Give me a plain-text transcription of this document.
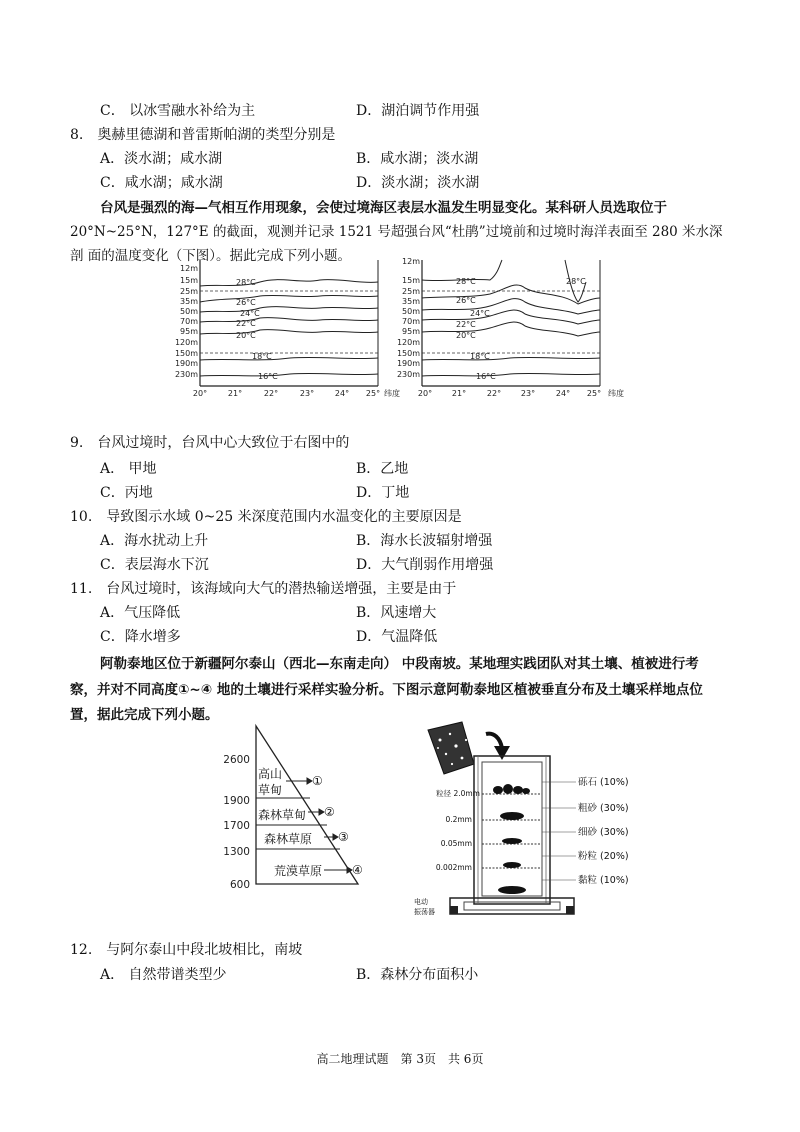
C． 以冰雪融水补给为主	D．湖泊调节作用强
8.　奥赫里德湖和普雷斯帕湖的类型分别是
A．淡水湖；咸水湖	B．咸水湖；淡水湖
C．咸水湖；咸水湖	D．淡水湖；淡水湖
台风是强烈的海—气相互作用现象，会使过境海区表层水温发生明显变化。某科研人员选取位于
20°N~25°N，127°E 的截面，观测并记录 1521 号超强台风“杜鹃”过境前和过境时海洋表面至 280 米水深
剖 面的温度变化（下图）。据此完成下列小题。
12m
15m
25m
35m
50m
70m
95m
120m
150m
190m
230m
28°C
26°C
24°C
22°C
20°C
18°C
16°C
20°	21°	22°	23°	24° 25° 纬度
12m
15m
25m
35m
50m
70m
95m
120m
150m
190m
230m
28°C	28°C
26°C
24°C
22°C
20°C
18°C
16°C
20° 21°	22° 23°	24° 25° 纬度
9.　台风过境时，台风中心大致位于右图中的
A． 甲地	B．乙地
C．丙地	D．丁地
10.　导致图示水域 0~25 米深度范围内水温变化的主要原因是
A．海水扰动上升	B．海水长波辐射增强
C．表层海水下沉	D．大气削弱作用增强
11.　台风过境时，该海域向大气的潜热输送增强，主要是由于
A．气压降低	B．风速增大
C．降水增多	D．气温降低
阿勒泰地区位于新疆阿尔泰山（西北—东南走向） 中段南坡。某地理实践团队对其土壤、植被进行考
察，并对不同高度①~④ 地的土壤进行采样实验分析。下图示意阿勒泰地区植被垂直分布及土壤采样地点位
置，据此完成下列小题。
2600
1900
1700
1300
600
高山
草甸
森林草甸
森林草原
荒漠草原
①
②
③
④
粒径 2.0mm
0.2mm
0.05mm
0.002mm
砾石 (10%)
粗砂 (30%)
细砂 (30%)
粉粒 (20%)
黏粒 (10%)
电动
振荡器
12.　与阿尔泰山中段北坡相比，南坡
A． 自然带谱类型少	B．森林分布面积小
高二地理试题　第 3页　共 6页
